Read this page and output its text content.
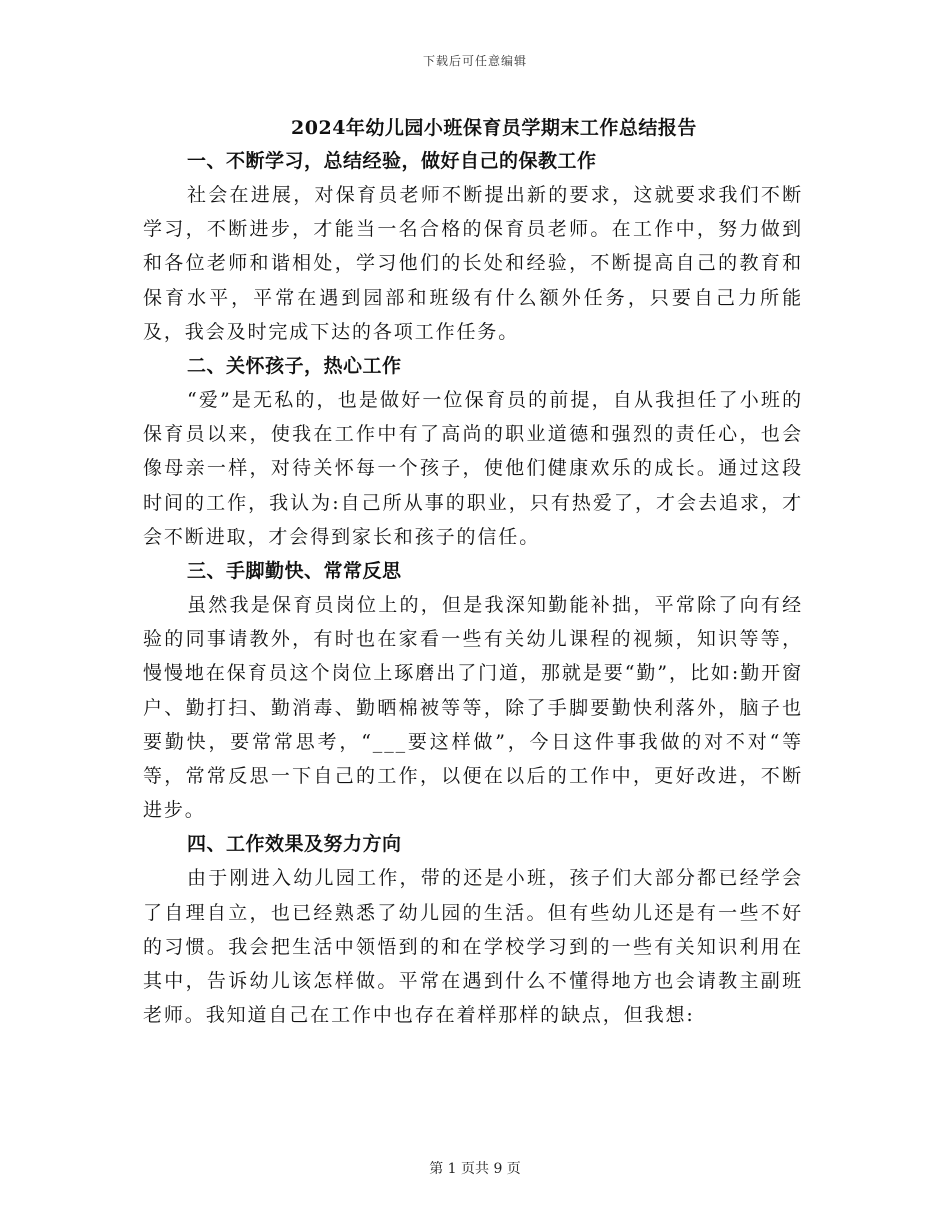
下载后可任意编辑
2024年幼儿园小班保育员学期末工作总结报告
一、不断学习，总结经验，做好自己的保教工作

社会在进展，对保育员老师不断提出新的要求，这就要求我们不断学习，不断进步，才能当一名合格的保育员老师。在工作中，努力做到和各位老师和谐相处，学习他们的长处和经验，不断提高自己的教育和保育水平，平常在遇到园部和班级有什么额外任务，只要自己力所能及，我会及时完成下达的各项工作任务。

二、关怀孩子，热心工作

“爱”是无私的，也是做好一位保育员的前提，自从我担任了小班的保育员以来，使我在工作中有了高尚的职业道德和强烈的责任心，也会像母亲一样，对待关怀每一个孩子，使他们健康欢乐的成长。通过这段时间的工作，我认为:自己所从事的职业，只有热爱了，才会去追求，才会不断进取，才会得到家长和孩子的信任。

三、手脚勤快、常常反思

虽然我是保育员岗位上的，但是我深知勤能补拙，平常除了向有经验的同事请教外，有时也在家看一些有关幼儿课程的视频，知识等等，慢慢地在保育员这个岗位上琢磨出了门道，那就是要“勤”，比如:勤开窗户、勤打扫、勤消毒、勤晒棉被等等，除了手脚要勤快利落外，脑子也要勤快，要常常思考，“___要这样做”，今日这件事我做的对不对“等等，常常反思一下自己的工作，以便在以后的工作中，更好改进，不断进步。

四、工作效果及努力方向

由于刚进入幼儿园工作，带的还是小班，孩子们大部分都已经学会了自理自立，也已经熟悉了幼儿园的生活。但有些幼儿还是有一些不好的习惯。我会把生活中领悟到的和在学校学习到的一些有关知识利用在其中，告诉幼儿该怎样做。平常在遇到什么不懂得地方也会请教主副班老师。我知道自己在工作中也存在着样那样的缺点，但我想:

第 1 页共 9 页
